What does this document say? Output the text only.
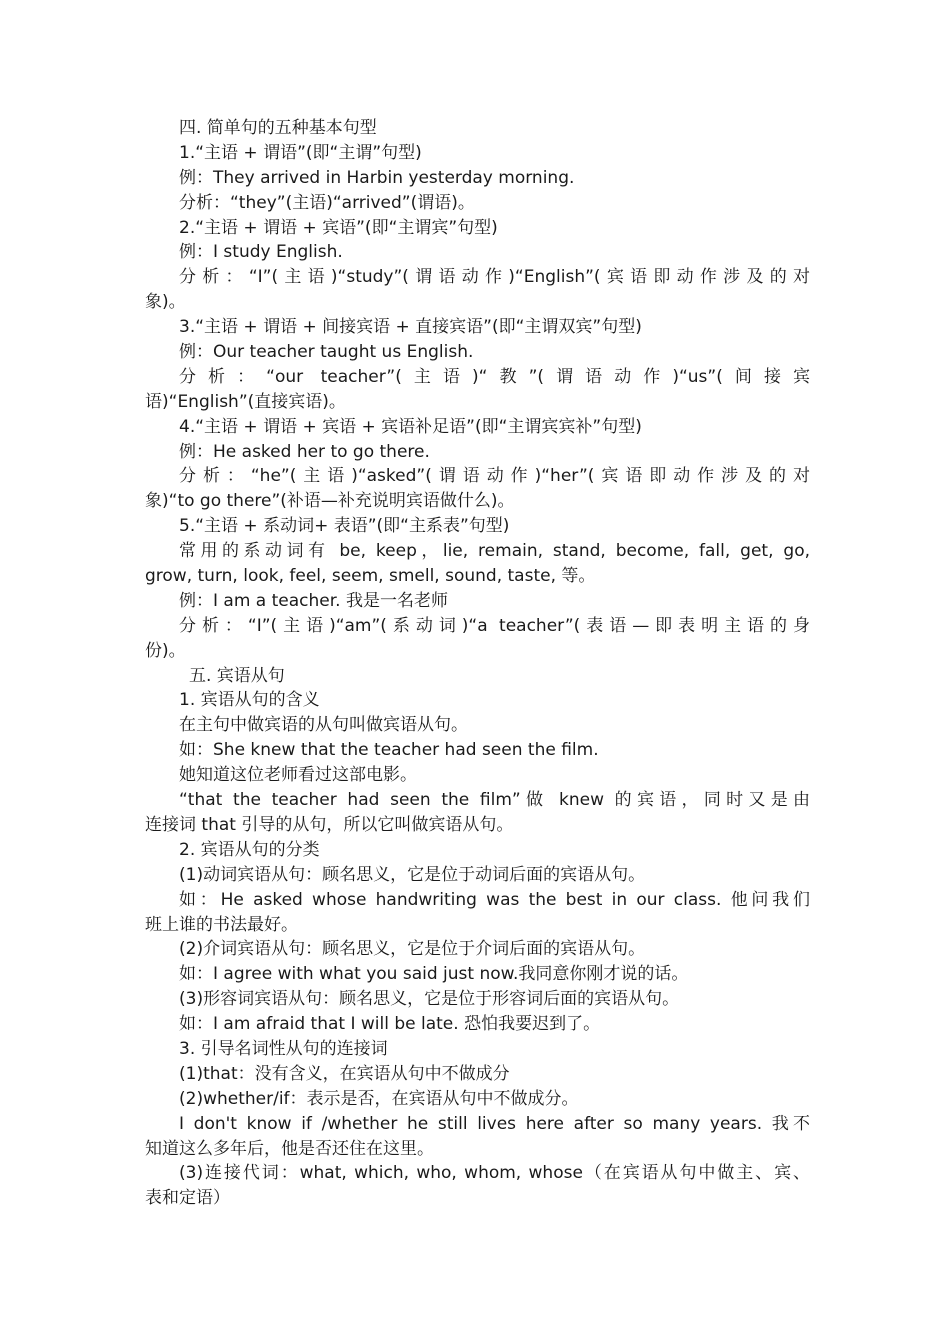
四. 简单句的五种基本句型
1.“主语 + 谓语”(即“主谓”句型)
例：They arrived in Harbin yesterday morning.
分析：“they”(主语)“arrived”(谓语)。
2.“主语 + 谓语 + 宾语”(即“主谓宾”句型)
例：I study English.
分析：“I”(主语)“study”(谓语动作)“English”(宾语即动作涉及的对
象)。
3.“主语 + 谓语 + 间接宾语 + 直接宾语”(即“主谓双宾”句型)
例：Our teacher taught us English.
分析：“our teacher”(主语)“教”(谓语动作)“us”(间接宾
语)“English”(直接宾语)。
4.“主语 + 谓语 + 宾语 + 宾语补足语”(即“主谓宾宾补”句型)
例：He asked her to go there.
分析：“he”(主语)“asked”(谓语动作)“her”(宾语即动作涉及的对
象)“to go there”(补语—补充说明宾语做什么)。
5.“主语 + 系动词+ 表语”(即“主系表”句型)
常用的系动词有 be, keep，lie, remain, stand, become, fall, get, go,
grow, turn, look, feel, seem, smell, sound, taste, 等。
例：I am a teacher. 我是一名老师
分析：“I”(主语)“am”(系动词)“a teacher”(表语—即表明主语的身
份)。
五. 宾语从句
1. 宾语从句的含义
在主句中做宾语的从句叫做宾语从句。
如：She knew that the teacher had seen the film.
她知道这位老师看过这部电影。
“that the teacher had seen the film”做 knew 的宾语，同时又是由
连接词 that 引导的从句，所以它叫做宾语从句。
2. 宾语从句的分类
(1)动词宾语从句：顾名思义，它是位于动词后面的宾语从句。
如：He asked whose handwriting was the best in our class. 他问我们
班上谁的书法最好。
(2)介词宾语从句：顾名思义，它是位于介词后面的宾语从句。
如：I agree with what you said just now.我同意你刚才说的话。
(3)形容词宾语从句：顾名思义，它是位于形容词后面的宾语从句。
如：I am afraid that I will be late. 恐怕我要迟到了。
3. 引导名词性从句的连接词
(1)that：没有含义，在宾语从句中不做成分
(2)whether/if：表示是否，在宾语从句中不做成分。
I don't know if /whether he still lives here after so many years. 我不
知道这么多年后，他是否还住在这里。
(3)连接代词：what, which, who, whom, whose（在宾语从句中做主、宾、
表和定语）
